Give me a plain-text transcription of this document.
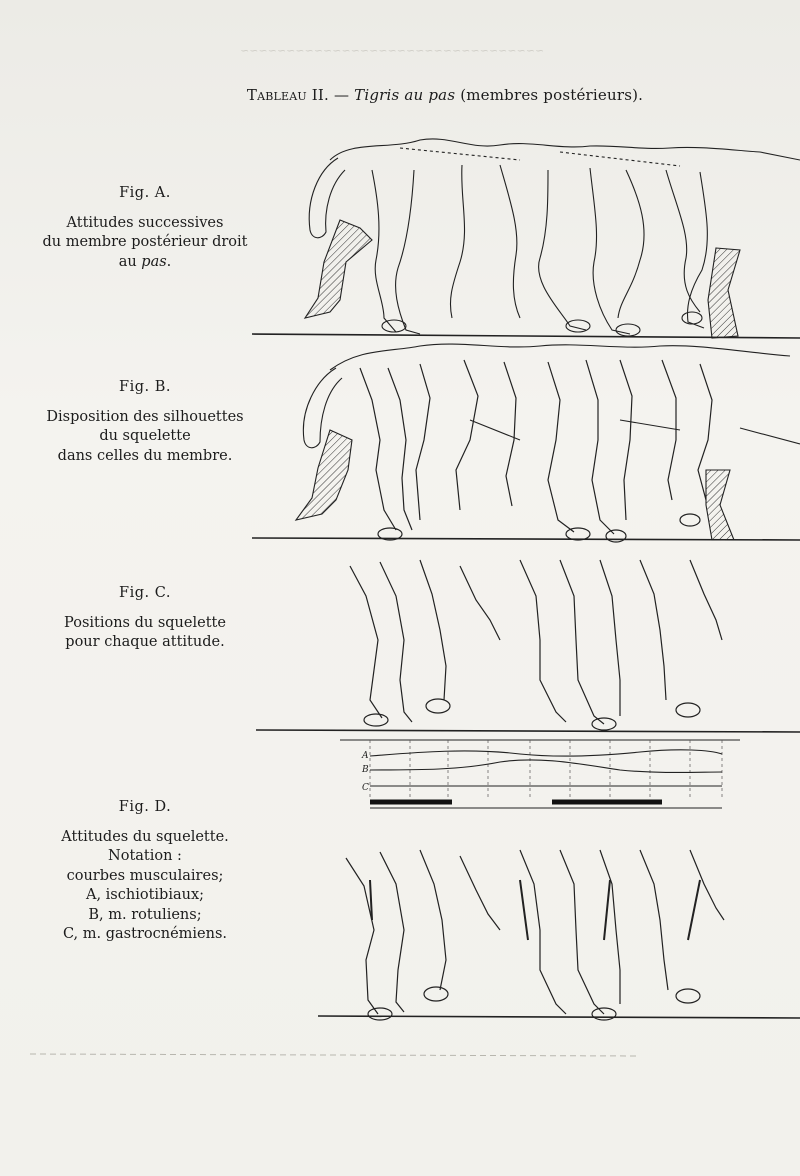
~~~~~~~~~~~~~~~~~~~~~~~~~~~~~~~~~
Tableau II. — Tigris au pas (membres postérieurs).
Fig. A.
Attitudes successives
du membre postérieur droit
au pas.
Fig. B.
Disposition des silhouettes
du squelette
dans celles du membre.
Fig. C.
Positions du squelette
pour chaque attitude.
Fig. D.
Attitudes du squelette.
Notation :
courbes musculaires;
A, ischiotibiaux;
B, m. rotuliens;
C, m. gastrocnémiens.
A
B
C
